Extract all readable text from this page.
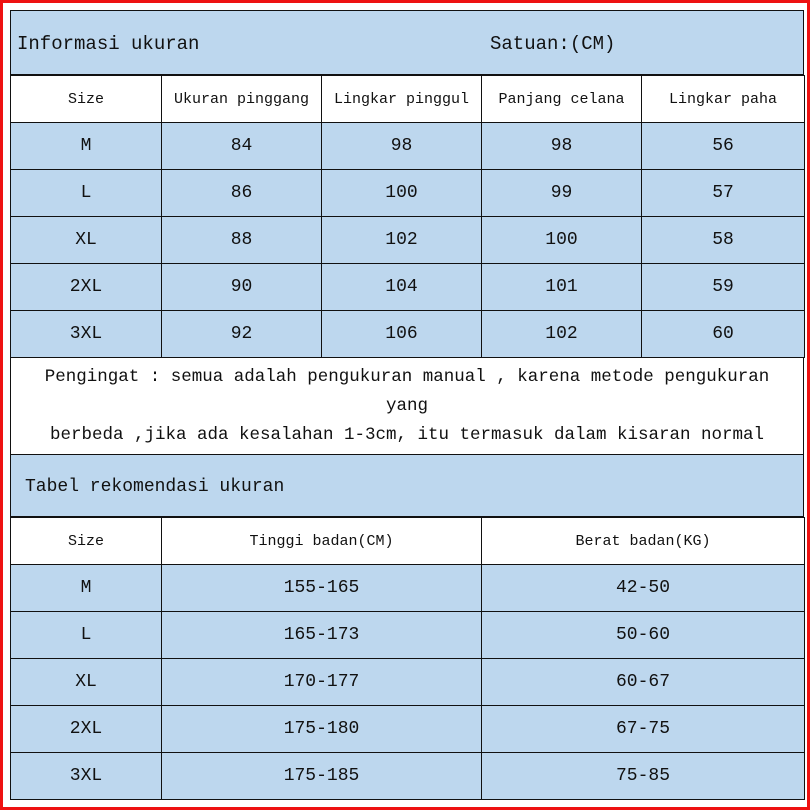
Informasi ukuran	Satuan:(CM)
Size	Ukuran pinggang	Lingkar pinggul	Panjang celana	Lingkar paha
M	84	98	98	56
L	86	100	99	57
XL	88	102	100	58
2XL	90	104	101	59
3XL	92	106	102	60
Pengingat : semua adalah pengukuran manual , karena metode pengukuran yang
berbeda ,jika ada kesalahan 1-3cm, itu termasuk dalam kisaran normal
Tabel rekomendasi ukuran
Size	Tinggi badan(CM)	Berat badan(KG)
M	155-165	42-50
L	165-173	50-60
XL	170-177	60-67
2XL	175-180	67-75
3XL	175-185	75-85
